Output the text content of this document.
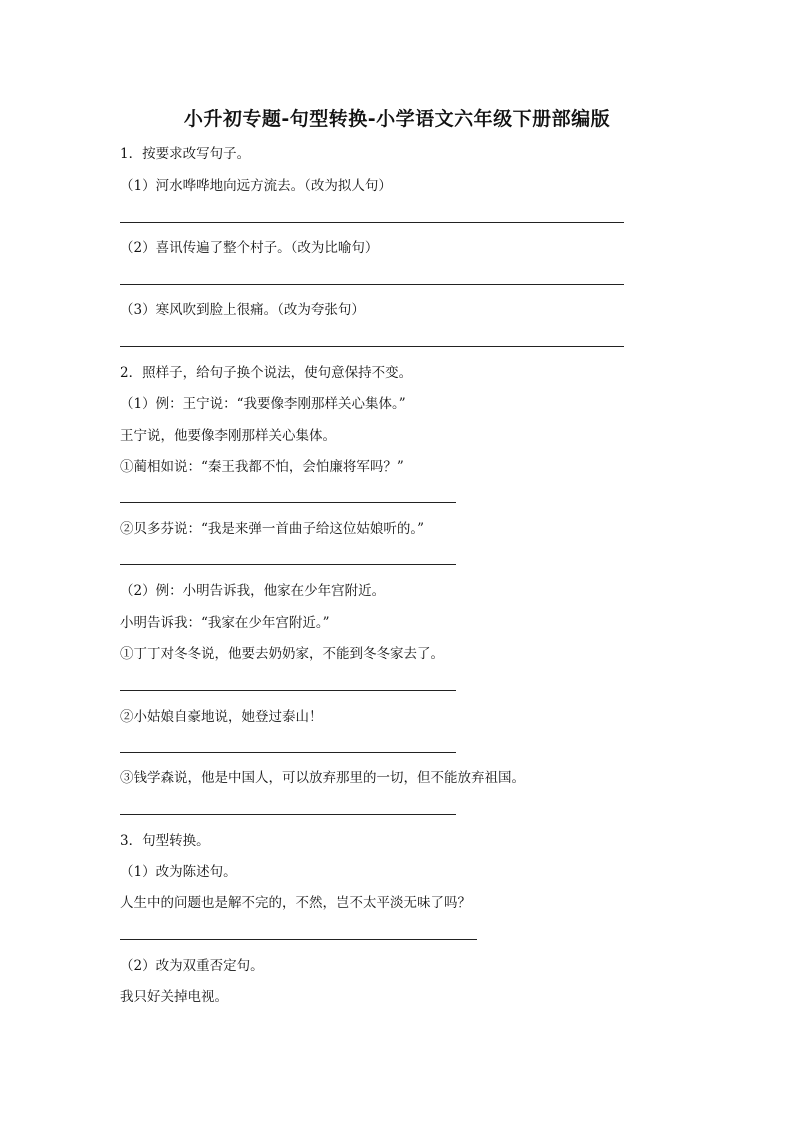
小升初专题-句型转换-小学语文六年级下册部编版
1．按要求改写句子。
（1）河水哗哗地向远方流去。（改为拟人句）
（2）喜讯传遍了整个村子。（改为比喻句）
（3）寒风吹到脸上很痛。（改为夸张句）
2．照样子，给句子换个说法，使句意保持不变。
（1）例：王宁说：“我要像李刚那样关心集体。”
王宁说，他要像李刚那样关心集体。
①蔺相如说：“秦王我都不怕，会怕廉将军吗？”
②贝多芬说：“我是来弹一首曲子给这位姑娘听的。”
（2）例：小明告诉我，他家在少年宫附近。
小明告诉我：“我家在少年宫附近。”
①丁丁对冬冬说，他要去奶奶家，不能到冬冬家去了。
②小姑娘自豪地说，她登过泰山！
③钱学森说，他是中国人，可以放弃那里的一切，但不能放弃祖国。
3．句型转换。
（1）改为陈述句。
人生中的问题也是解不完的，不然，岂不太平淡无味了吗？
（2）改为双重否定句。
我只好关掉电视。
